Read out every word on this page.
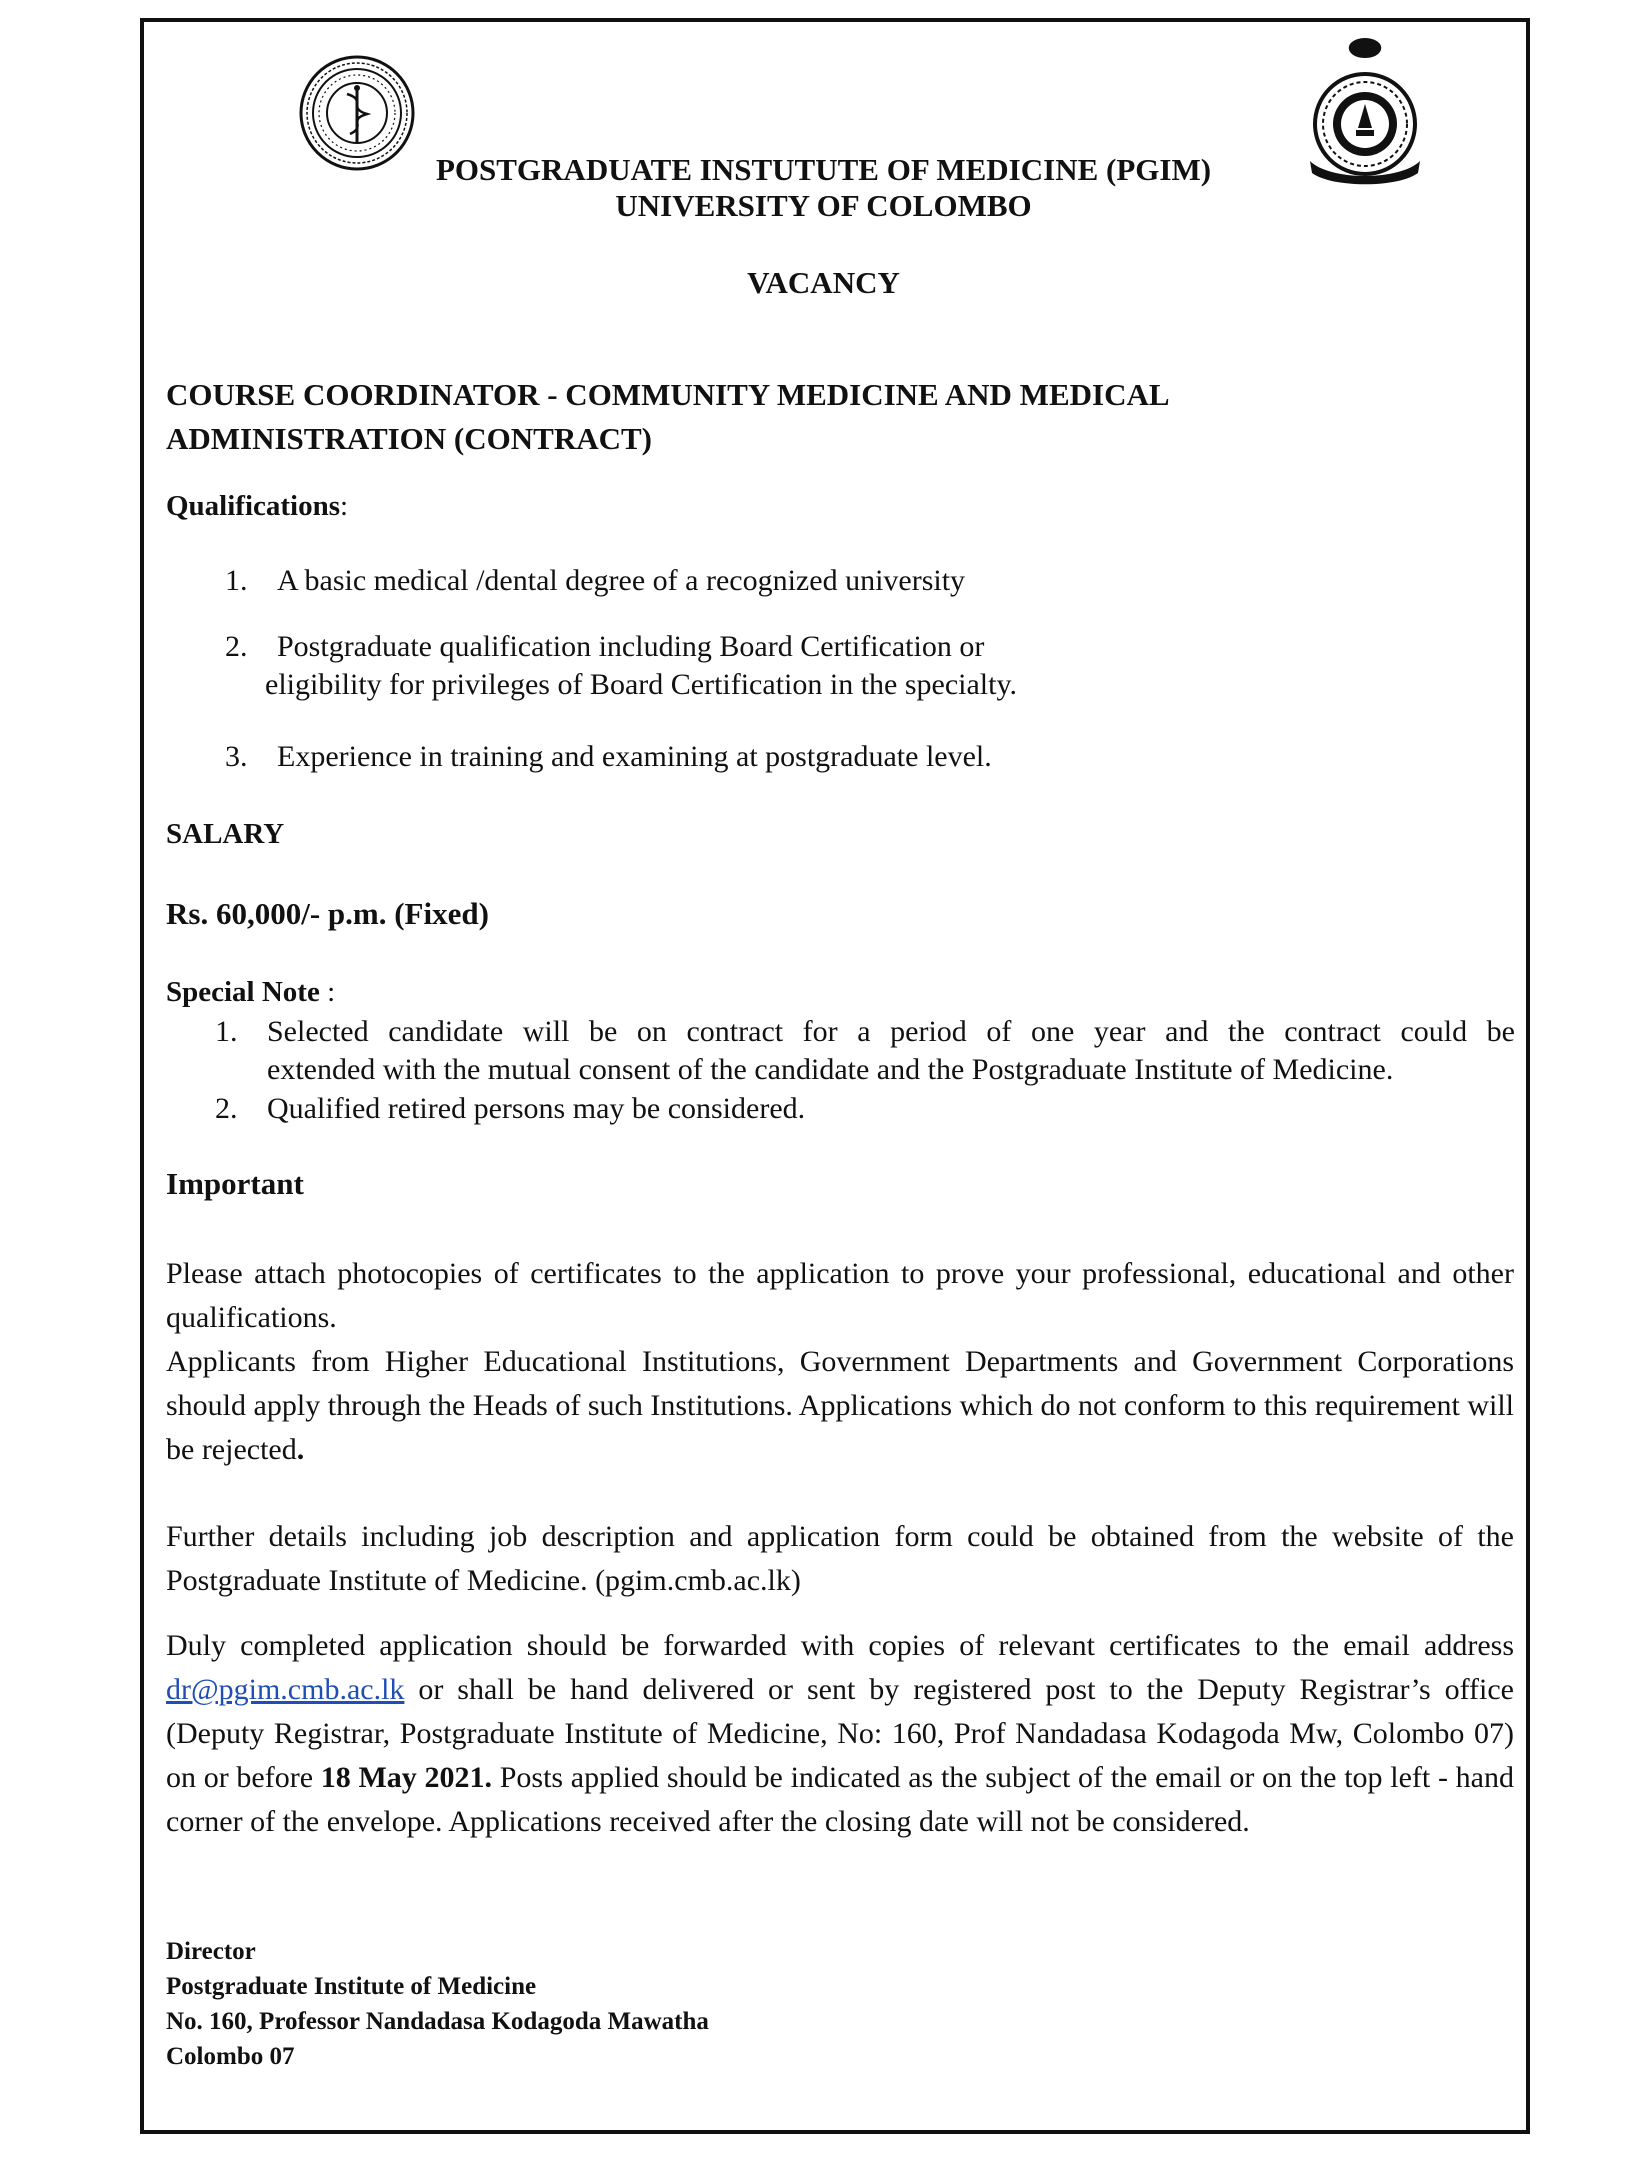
POSTGRADUATE INSTUTUTE OF MEDICINE (PGIM)
UNIVERSITY OF COLOMBO
VACANCY
COURSE COORDINATOR - COMMUNITY MEDICINE AND MEDICAL ADMINISTRATION (CONTRACT)
Qualifications:
1. A basic medical /dental degree of a recognized university
2. Postgraduate qualification including Board Certification or
eligibility for privileges of Board Certification in the specialty.
3. Experience in training and examining at postgraduate level.
SALARY
Rs. 60,000/- p.m. (Fixed)
Special Note :
1. Selected candidate will be on contract for a period of one year and the contract could be
extended with the mutual consent of the candidate and the Postgraduate Institute of Medicine.
2. Qualified retired persons may be considered.
Important
Please attach photocopies of certificates to the application to prove your professional, educational and other qualifications.
Applicants from Higher Educational Institutions, Government Departments and Government Corporations should apply through the Heads of such Institutions. Applications which do not conform to this requirement will be rejected.
Further details including job description and application form could be obtained from the website of the Postgraduate Institute of Medicine. (pgim.cmb.ac.lk)
Duly completed application should be forwarded with copies of relevant certificates to the email address dr@pgim.cmb.ac.lk or shall be hand delivered or sent by registered post to the Deputy Registrar’s office (Deputy Registrar, Postgraduate Institute of Medicine, No: 160, Prof Nandadasa Kodagoda Mw, Colombo 07) on or before 18 May 2021. Posts applied should be indicated as the subject of the email or on the top left - hand corner of the envelope. Applications received after the closing date will not be considered.
Director
Postgraduate Institute of Medicine
No. 160, Professor Nandadasa Kodagoda Mawatha
Colombo 07
